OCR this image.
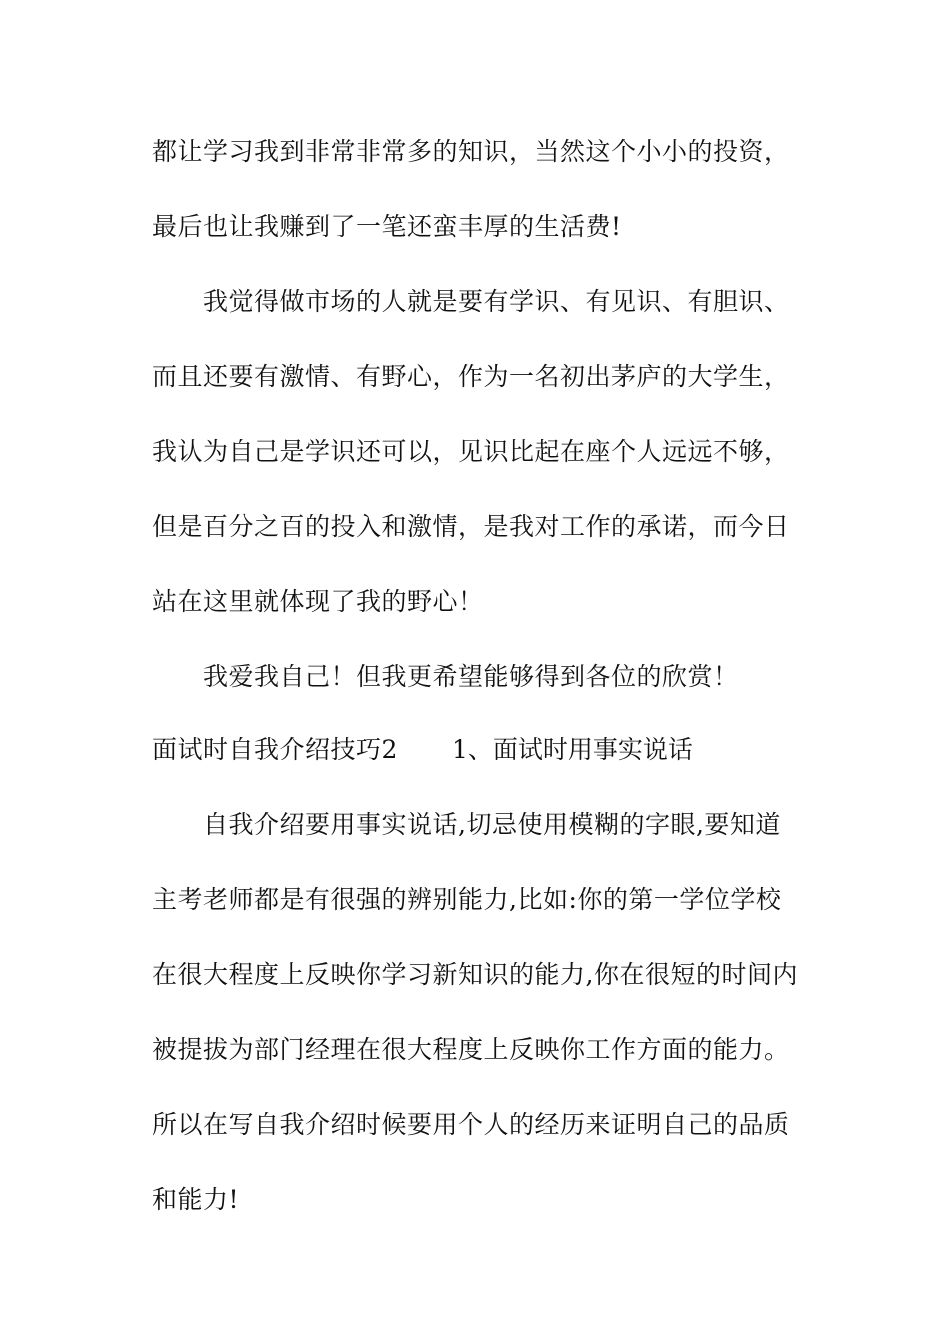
都让学习我到非常非常多的知识，当然这个小小的投资，
最后也让我赚到了一笔还蛮丰厚的生活费!
我觉得做市场的人就是要有学识、有见识、有胆识、
而且还要有激情、有野心，作为一名初出茅庐的大学生，
我认为自己是学识还可以，见识比起在座个人远远不够，
但是百分之百的投入和激情，是我对工作的承诺，而今日
站在这里就体现了我的野心！
我爱我自己！但我更希望能够得到各位的欣赏！
面试时自我介绍技巧2 1、面试时用事实说话
自我介绍要用事实说话,切忌使用模糊的字眼,要知道
主考老师都是有很强的辨别能力,比如:你的第一学位学校
在很大程度上反映你学习新知识的能力,你在很短的时间内
被提拔为部门经理在很大程度上反映你工作方面的能力。
所以在写自我介绍时候要用个人的经历来证明自己的品质
和能力!
